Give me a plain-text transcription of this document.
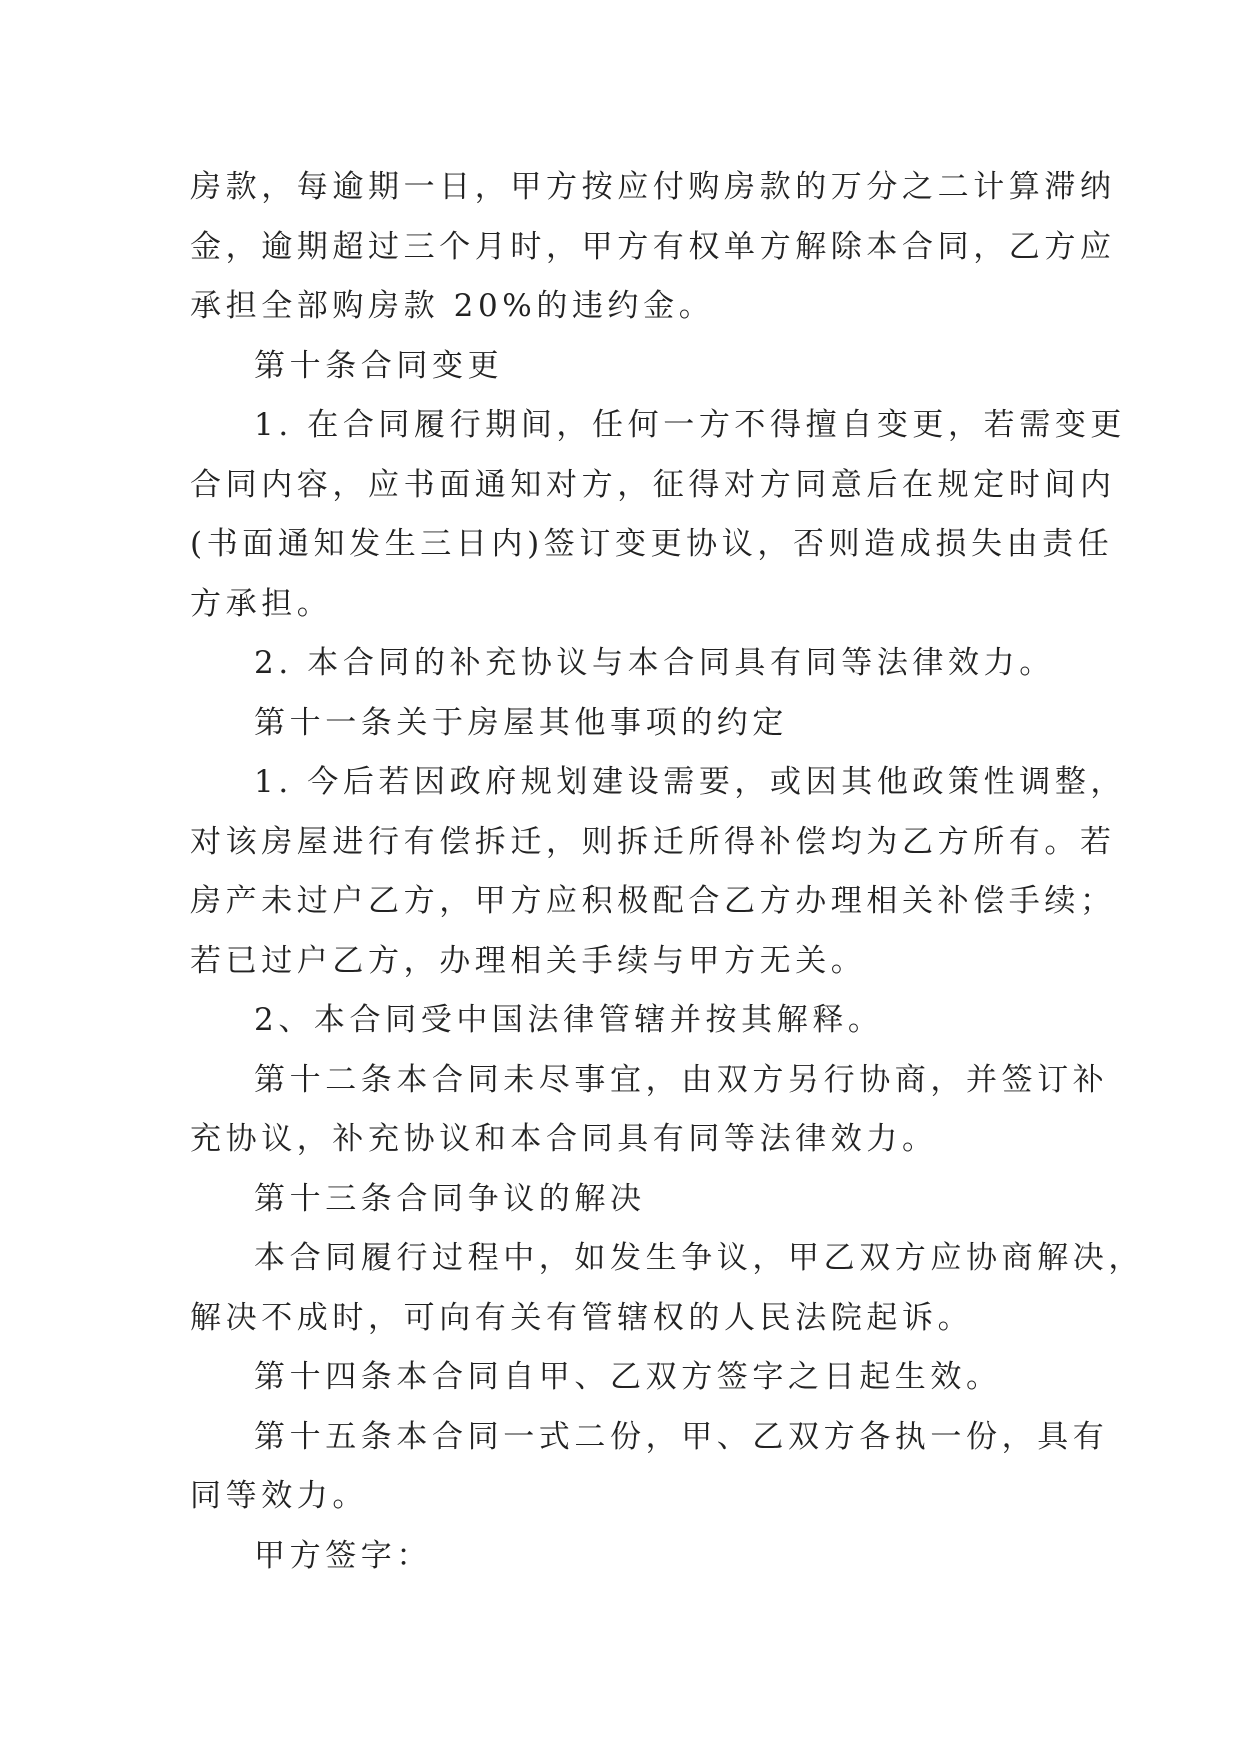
房款，每逾期一日，甲方按应付购房款的万分之二计算滞纳
金，逾期超过三个月时，甲方有权单方解除本合同，乙方应
承担全部购房款 20%的违约金。

第十条合同变更

1. 在合同履行期间，任何一方不得擅自变更，若需变更
合同内容，应书面通知对方，征得对方同意后在规定时间内
(书面通知发生三日内)签订变更协议，否则造成损失由责任
方承担。

2. 本合同的补充协议与本合同具有同等法律效力。

第十一条关于房屋其他事项的约定

1. 今后若因政府规划建设需要，或因其他政策性调整，
对该房屋进行有偿拆迁，则拆迁所得补偿均为乙方所有。若
房产未过户乙方，甲方应积极配合乙方办理相关补偿手续；
若已过户乙方，办理相关手续与甲方无关。

2、本合同受中国法律管辖并按其解释。

第十二条本合同未尽事宜，由双方另行协商，并签订补
充协议，补充协议和本合同具有同等法律效力。

第十三条合同争议的解决

本合同履行过程中，如发生争议，甲乙双方应协商解决，
解决不成时，可向有关有管辖权的人民法院起诉。

第十四条本合同自甲、乙双方签字之日起生效。

第十五条本合同一式二份，甲、乙双方各执一份，具有
同等效力。

甲方签字：
